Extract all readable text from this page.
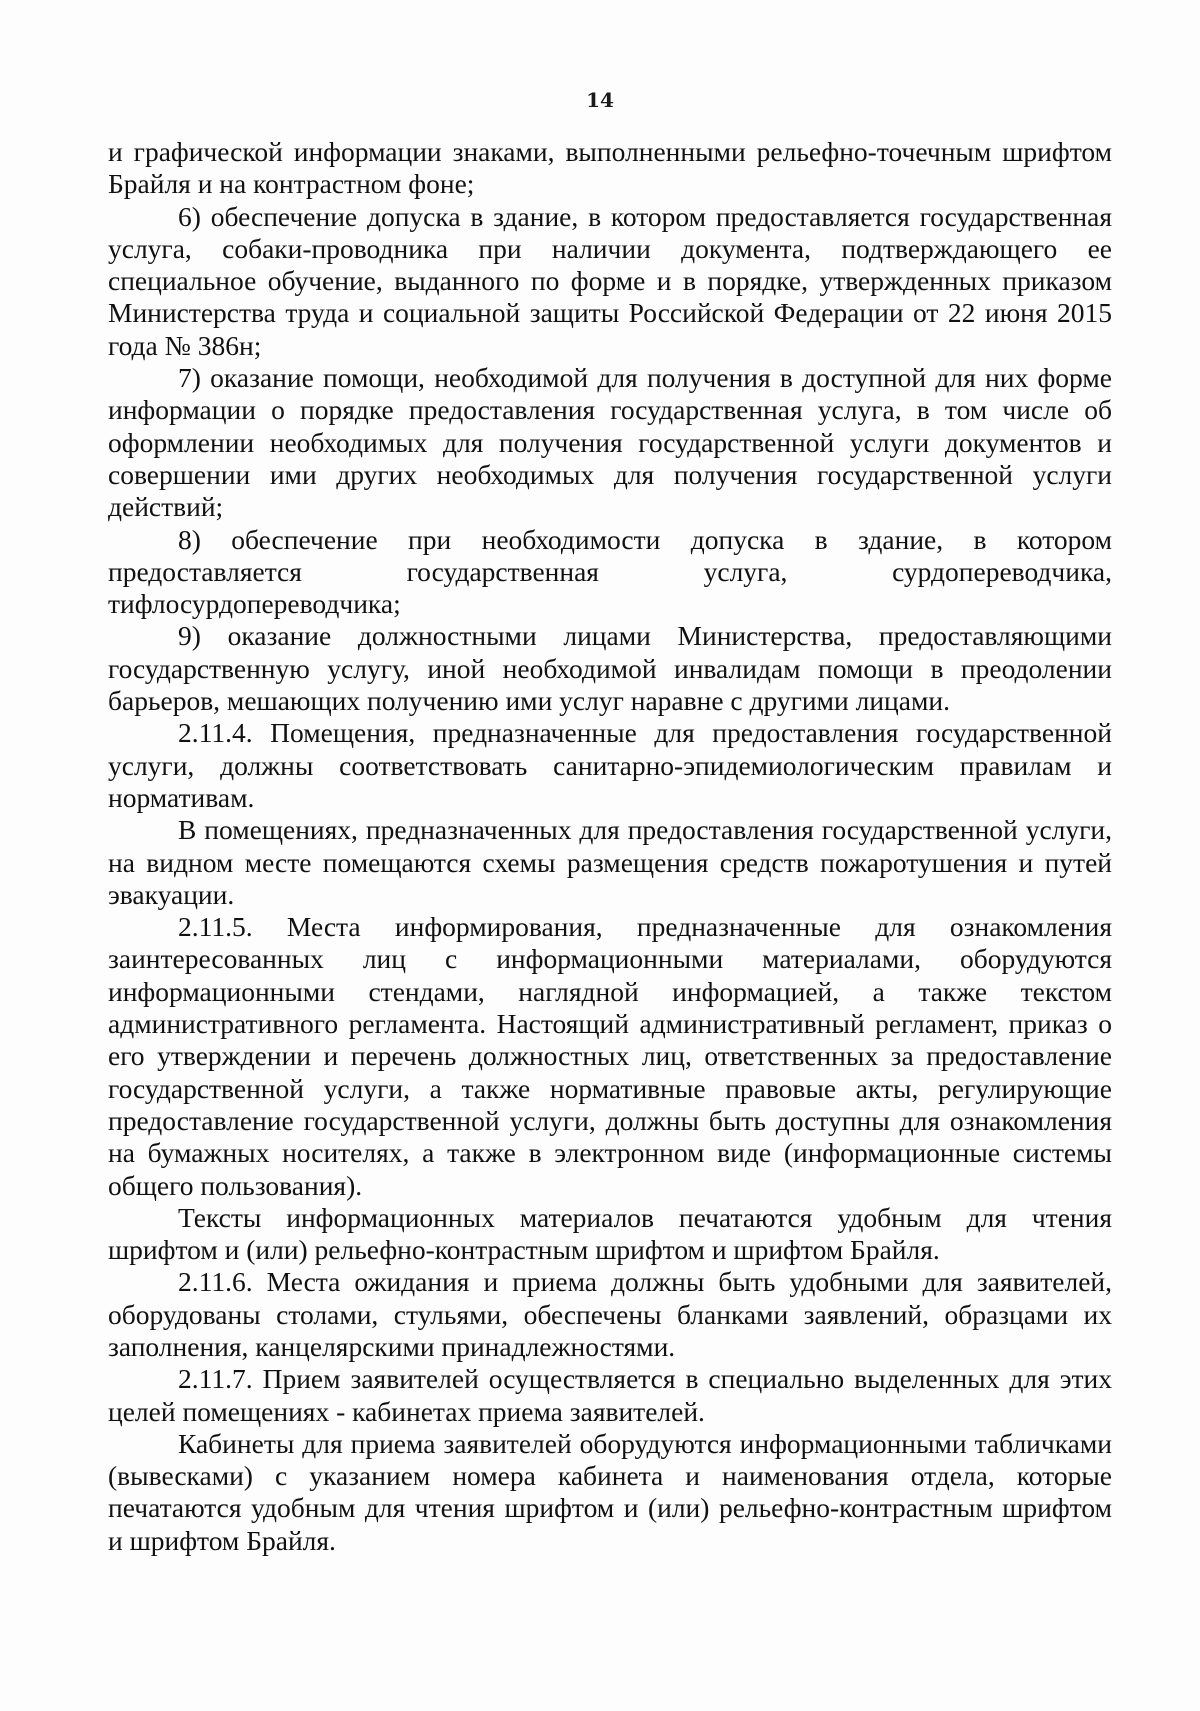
14

и графической информации знаками, выполненными рельефно-точечным шрифтом Брайля и на контрастном фоне;

6) обеспечение допуска в здание, в котором предоставляется государственная услуга, собаки-проводника при наличии документа, подтверждающего ее специальное обучение, выданного по форме и в порядке, утвержденных приказом Министерства труда и социальной защиты Российской Федерации от 22 июня 2015 года № 386н;

7) оказание помощи, необходимой для получения в доступной для них форме информации о порядке предоставления государственная услуга, в том числе об оформлении необходимых для получения государственной услуги документов и совершении ими других необходимых для получения государственной услуги действий;

8) обеспечение при необходимости допуска в здание, в котором предоставляется государственная услуга, сурдопереводчика, тифлосурдопереводчика;

9) оказание должностными лицами Министерства, предоставляющими государственную услугу, иной необходимой инвалидам помощи в преодолении барьеров, мешающих получению ими услуг наравне с другими лицами.

2.11.4. Помещения, предназначенные для предоставления государственной услуги, должны соответствовать санитарно-эпидемиологическим правилам и нормативам.

В помещениях, предназначенных для предоставления государственной услуги, на видном месте помещаются схемы размещения средств пожаротушения и путей эвакуации.

2.11.5. Места информирования, предназначенные для ознакомления заинтересованных лиц с информационными материалами, оборудуются информационными стендами, наглядной информацией, а также текстом административного регламента. Настоящий административный регламент, приказ о его утверждении и перечень должностных лиц, ответственных за предоставление государственной услуги, а также нормативные правовые акты, регулирующие предоставление государственной услуги, должны быть доступны для ознакомления на бумажных носителях, а также в электронном виде (информационные системы общего пользования).

Тексты информационных материалов печатаются удобным для чтения шрифтом и (или) рельефно-контрастным шрифтом и шрифтом Брайля.

2.11.6. Места ожидания и приема должны быть удобными для заявителей, оборудованы столами, стульями, обеспечены бланками заявлений, образцами их заполнения, канцелярскими принадлежностями.

2.11.7. Прием заявителей осуществляется в специально выделенных для этих целей помещениях - кабинетах приема заявителей.

Кабинеты для приема заявителей оборудуются информационными табличками (вывесками) с указанием номера кабинета и наименования отдела, которые печатаются удобным для чтения шрифтом и (или) рельефно-контрастным шрифтом и шрифтом Брайля.
